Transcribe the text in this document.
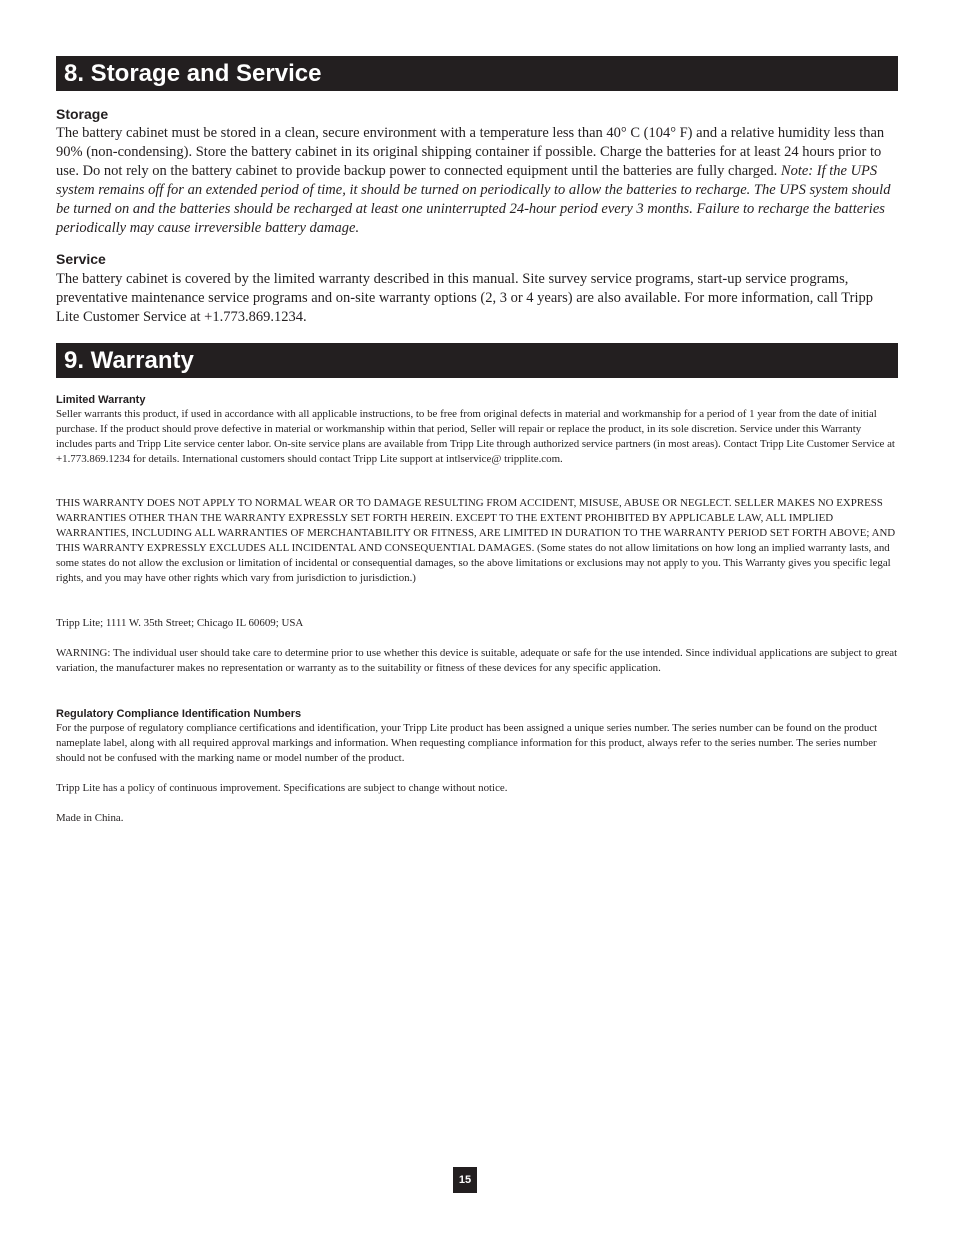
8. Storage and Service
Storage
The battery cabinet must be stored in a clean, secure environment with a temperature less than 40° C (104° F) and a relative humidity less than 90% (non-condensing). Store the battery cabinet in its original shipping container if possible. Charge the batteries for at least 24 hours prior to use. Do not rely on the battery cabinet to provide backup power to connected equipment until the batteries are fully charged. Note: If the UPS system remains off for an extended period of time, it should be turned on periodically to allow the batteries to recharge. The UPS system should be turned on and the batteries should be recharged at least one uninterrupted 24-hour period every 3 months. Failure to recharge the batteries periodically may cause irreversible battery damage.
Service
The battery cabinet is covered by the limited warranty described in this manual. Site survey service programs, start-up service programs, preventative maintenance service programs and on-site warranty options (2, 3 or 4 years) are also available. For more information, call Tripp Lite Customer Service at +1.773.869.1234.
9. Warranty
Limited Warranty
Seller warrants this product, if used in accordance with all applicable instructions, to be free from original defects in material and workmanship for a period of 1 year from the date of initial purchase. If the product should prove defective in material or workmanship within that period, Seller will repair or replace the product, in its sole discretion. Service under this Warranty includes parts and Tripp Lite service center labor. On-site service plans are available from Tripp Lite through authorized service partners (in most areas). Contact Tripp Lite Customer Service at +1.773.869.1234 for details. International customers should contact Tripp Lite support at intlservice@ tripplite.com.
THIS WARRANTY DOES NOT APPLY TO NORMAL WEAR OR TO DAMAGE RESULTING FROM ACCIDENT, MISUSE, ABUSE OR NEGLECT. SELLER MAKES NO EXPRESS WARRANTIES OTHER THAN THE WARRANTY EXPRESSLY SET FORTH HEREIN. EXCEPT TO THE EXTENT PROHIBITED BY APPLICABLE LAW, ALL IMPLIED WARRANTIES, INCLUDING ALL WARRANTIES OF MERCHANTABILITY OR FITNESS, ARE LIMITED IN DURATION TO THE WARRANTY PERIOD SET FORTH ABOVE; AND THIS WARRANTY EXPRESSLY EXCLUDES ALL INCIDENTAL AND CONSEQUENTIAL DAMAGES. (Some states do not allow limitations on how long an implied warranty lasts, and some states do not allow the exclusion or limitation of incidental or consequential damages, so the above limitations or exclusions may not apply to you. This Warranty gives you specific legal rights, and you may have other rights which vary from jurisdiction to jurisdiction.)
Tripp Lite; 1111 W. 35th Street; Chicago IL 60609; USA
WARNING: The individual user should take care to determine prior to use whether this device is suitable, adequate or safe for the use intended. Since individual applications are subject to great variation, the manufacturer makes no representation or warranty as to the suitability or fitness of these devices for any specific application.
Regulatory Compliance Identification Numbers
For the purpose of regulatory compliance certifications and identification, your Tripp Lite product has been assigned a unique series number. The series number can be found on the product nameplate label, along with all required approval markings and information. When requesting compliance information for this product, always refer to the series number. The series number should not be confused with the marking name or model number of the product.
Tripp Lite has a policy of continuous improvement. Specifications are subject to change without notice.
Made in China.
15
